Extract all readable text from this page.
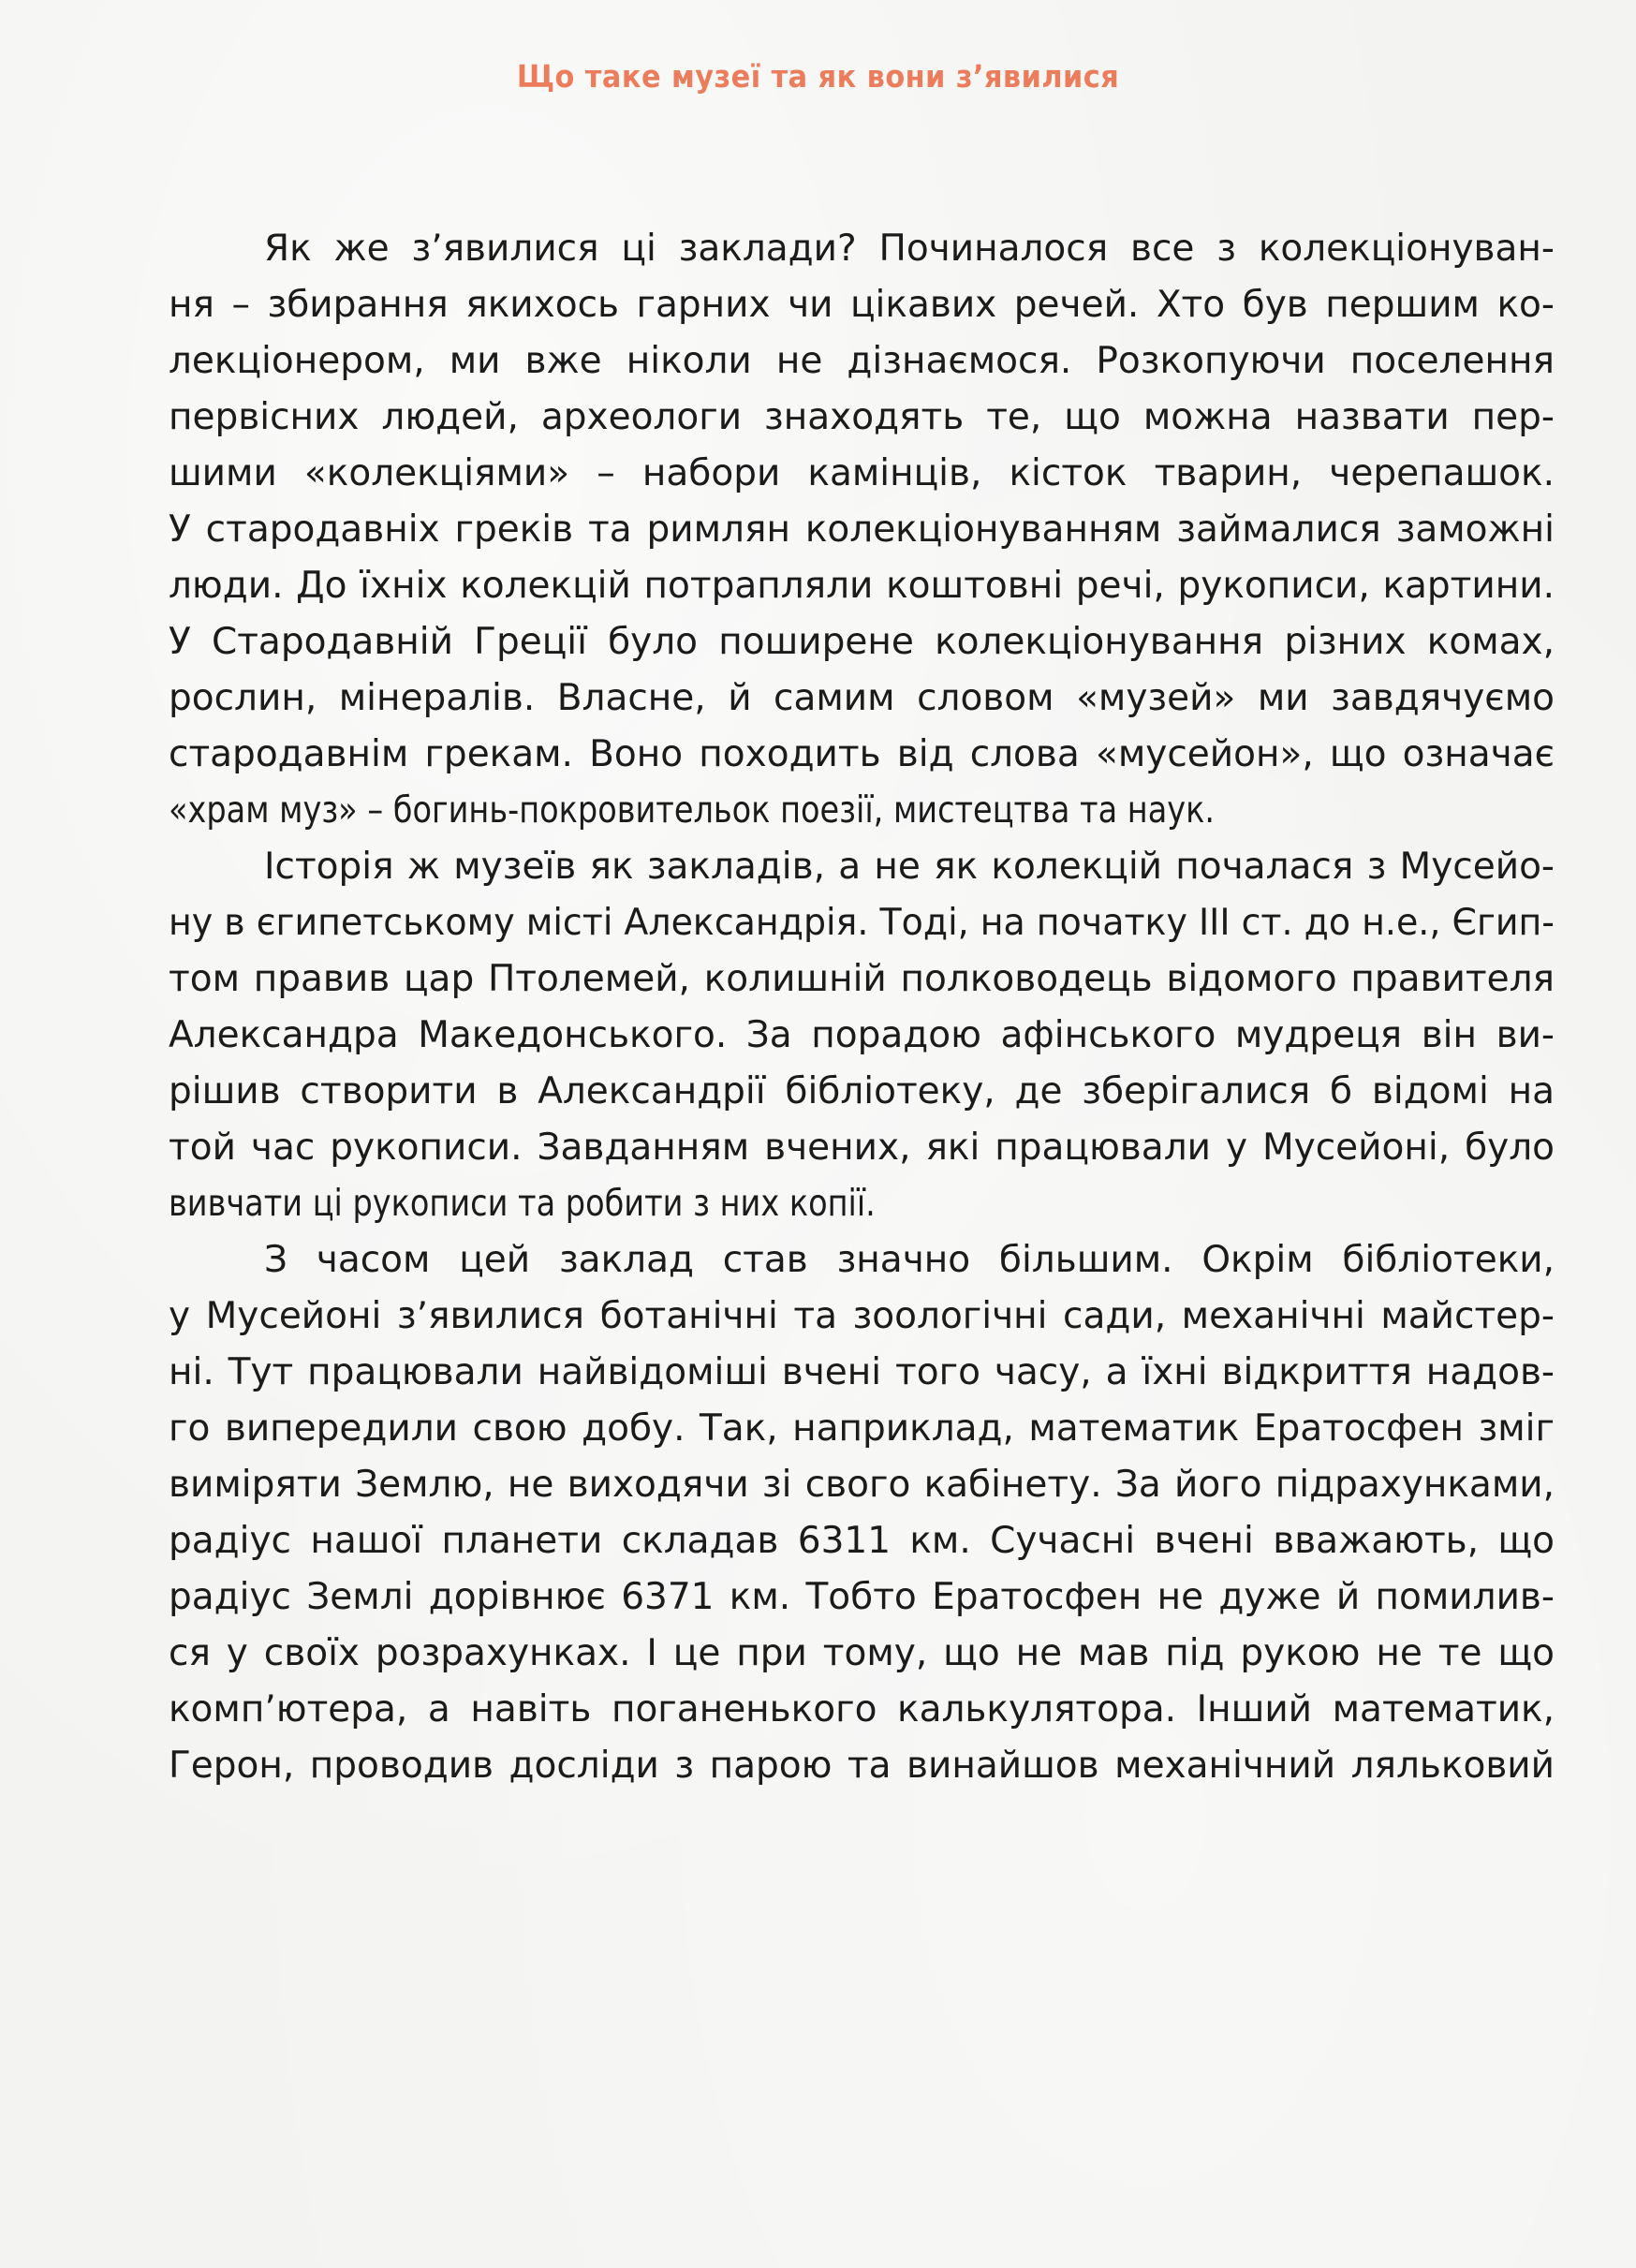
Що таке музеї та як вони з’явилися
Як же з’явилися ці заклади? Починалося все з колекціонуван-
ня – збирання якихось гарних чи цікавих речей. Хто був першим ко-
лекціонером, ми вже ніколи не дізнаємося. Розкопуючи поселення
первісних людей, археологи знаходять те, що можна назвати пер-
шими «колекціями» – набори камінців, кісток тварин, черепашок.
У стародавніх греків та римлян колекціонуванням займалися заможні
люди. До їхніх колекцій потрапляли коштовні речі, рукописи, картини.
У Стародавній Греції було поширене колекціонування різних комах,
рослин, мінералів. Власне, й самим словом «музей» ми завдячуємо
стародавнім грекам. Воно походить від слова «мусейон», що означає
«храм муз» – богинь-покровительок поезії, мистецтва та наук.
Історія ж музеїв як закладів, а не як колекцій почалася з Мусейо-
ну в єгипетському місті Александрія. Тоді, на початку ІІІ ст. до н.е., Єгип-
том правив цар Птолемей, колишній полководець відомого правителя
Александра Македонського. За порадою афінського мудреця він ви-
рішив створити в Александрії бібліотеку, де зберігалися б відомі на
той час рукописи. Завданням вчених, які працювали у Мусейоні, було
вивчати ці рукописи та робити з них копії.
З часом цей заклад став значно більшим. Окрім бібліотеки,
у Мусейоні з’явилися ботанічні та зоологічні сади, механічні майстер-
ні. Тут працювали найвідоміші вчені того часу, а їхні відкриття надов-
го випередили свою добу. Так, наприклад, математик Ератосфен зміг
виміряти Землю, не виходячи зі свого кабінету. За його підрахунками,
радіус нашої планети складав 6311 км. Сучасні вчені вважають, що
радіус Землі дорівнює 6371 км. Тобто Ератосфен не дуже й помилив-
ся у своїх розрахунках. І це при тому, що не мав під рукою не те що
комп’ютера, а навіть поганенького калькулятора. Інший математик,
Герон, проводив досліди з парою та винайшов механічний ляльковий
